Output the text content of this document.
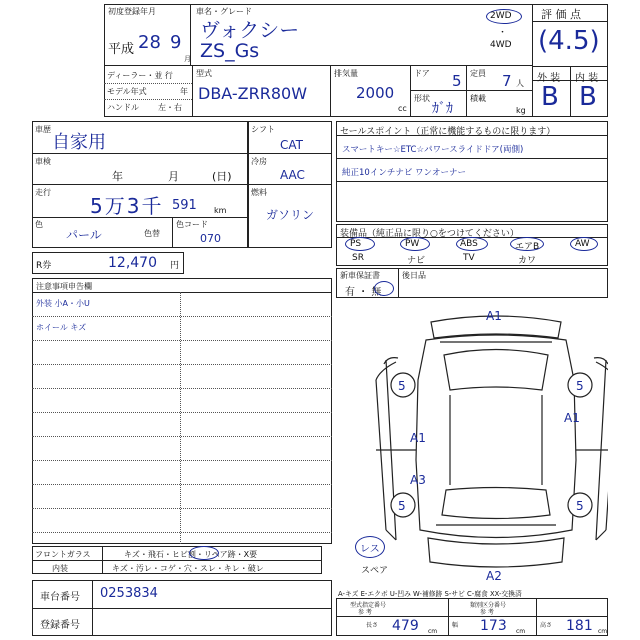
初度登録年月
平成 28 9
月
車名・グレード
ヴォクシー
ZS_Gs
2WD
・
4WD
評 価 点
(4.5)
外 装 内 装
B B
ディーラー・並 行
モデル年式	年
ハンドル 左・右
型式
DBA-ZRR80W
排気量
2000
cc
ドア 5 定員 7 人
形状
ｶﾞｶ
積載
kg
車歴
自家用
車検
年	月	(日)
走行
5万3千 591 km
色
パール	色替
色コード
070
シフト
CAT
冷房
AAC
燃料
ガソリン
セールスポイント（正常に機能するものに限ります）
スマートキー☆ETC☆パワースライドドア(両側)
純正10インチナビ ワンオーナー
装備品（純正品に限り○をつけてください）
PS	PW	ABS	エアB	AW
SR	ナビ	TV	カワ
新車保証書
有 ・ 無
後日品
R券	12,470 円
注意事項申告欄
外装 小A・小U
ホイール キズ
フロントガラス	キズ・飛石・ヒビ割・リペア跡・X要
内装	キズ・汚レ・コゲ・穴・スレ・キレ・破レ
車台番号 0253834
登録番号
A1
5	5
A1
A1
A3
5	5
A2
レス
スペア
A-キズ E-エクボ U-凹み W-補修跡 S-サビ C-腐食 XX-交換済
型式指定番号
参 考
類別区分番号
参 考
長さ 479 cm
幅 173 cm
高さ 181 cm
